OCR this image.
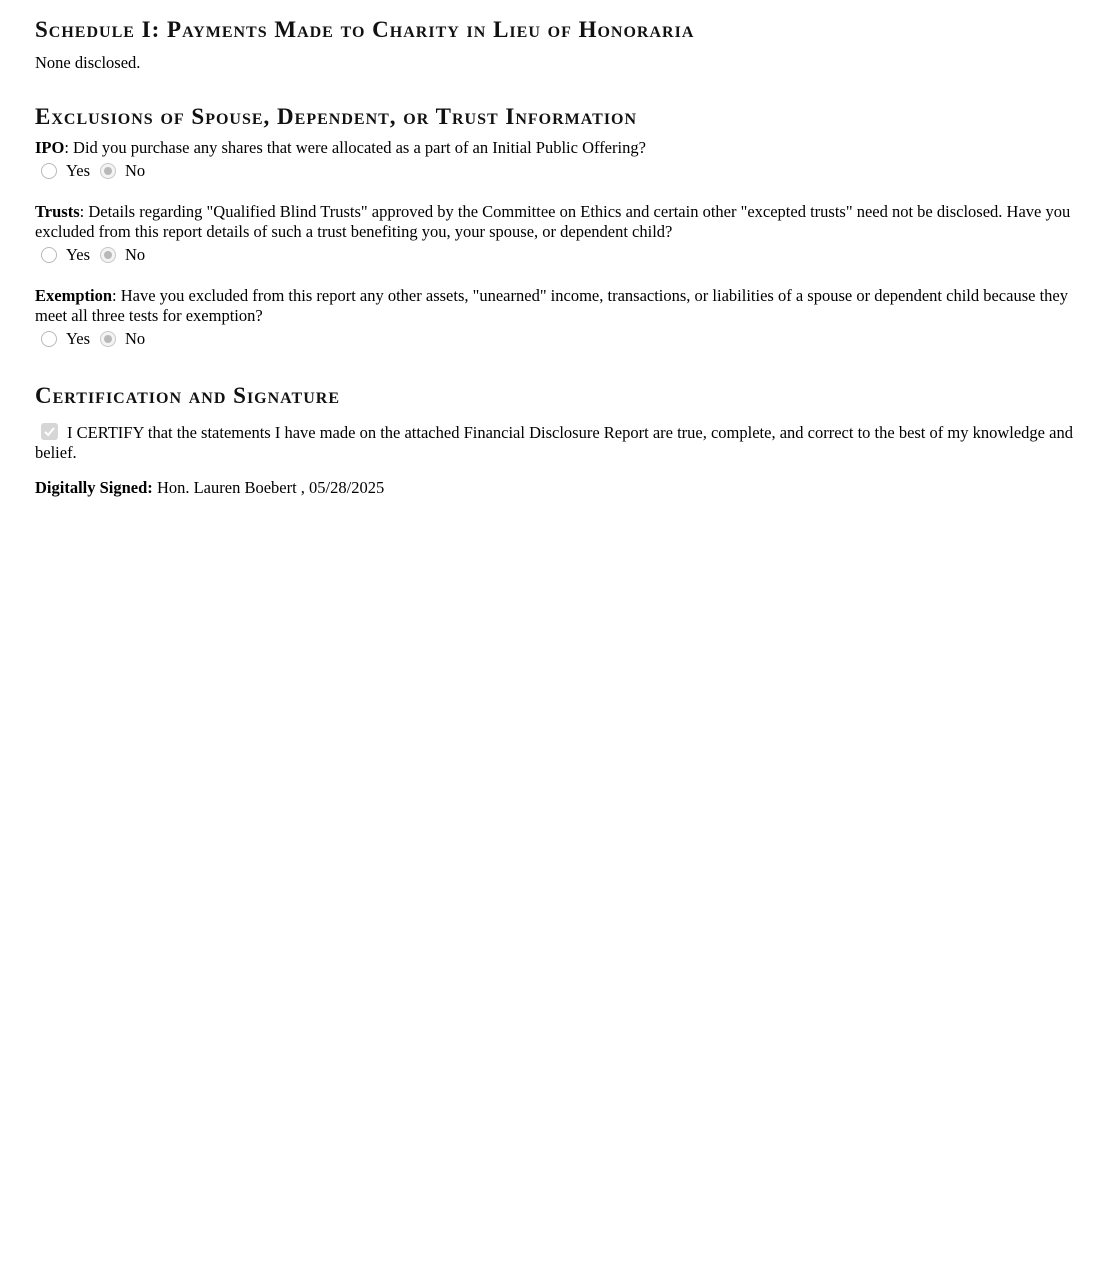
Schedule I: Payments Made to Charity in Lieu of Honoraria
None disclosed.
Exclusions of Spouse, Dependent, or Trust Information
IPO: Did you purchase any shares that were allocated as a part of an Initial Public Offering?
Yes No
Trusts: Details regarding "Qualified Blind Trusts" approved by the Committee on Ethics and certain other "excepted trusts" need not be disclosed. Have you excluded from this report details of such a trust benefiting you, your spouse, or dependent child?
Yes No
Exemption: Have you excluded from this report any other assets, "unearned" income, transactions, or liabilities of a spouse or dependent child because they meet all three tests for exemption?
Yes No
Certification and Signature
I CERTIFY that the statements I have made on the attached Financial Disclosure Report are true, complete, and correct to the best of my knowledge and belief.
Digitally Signed: Hon. Lauren Boebert , 05/28/2025
